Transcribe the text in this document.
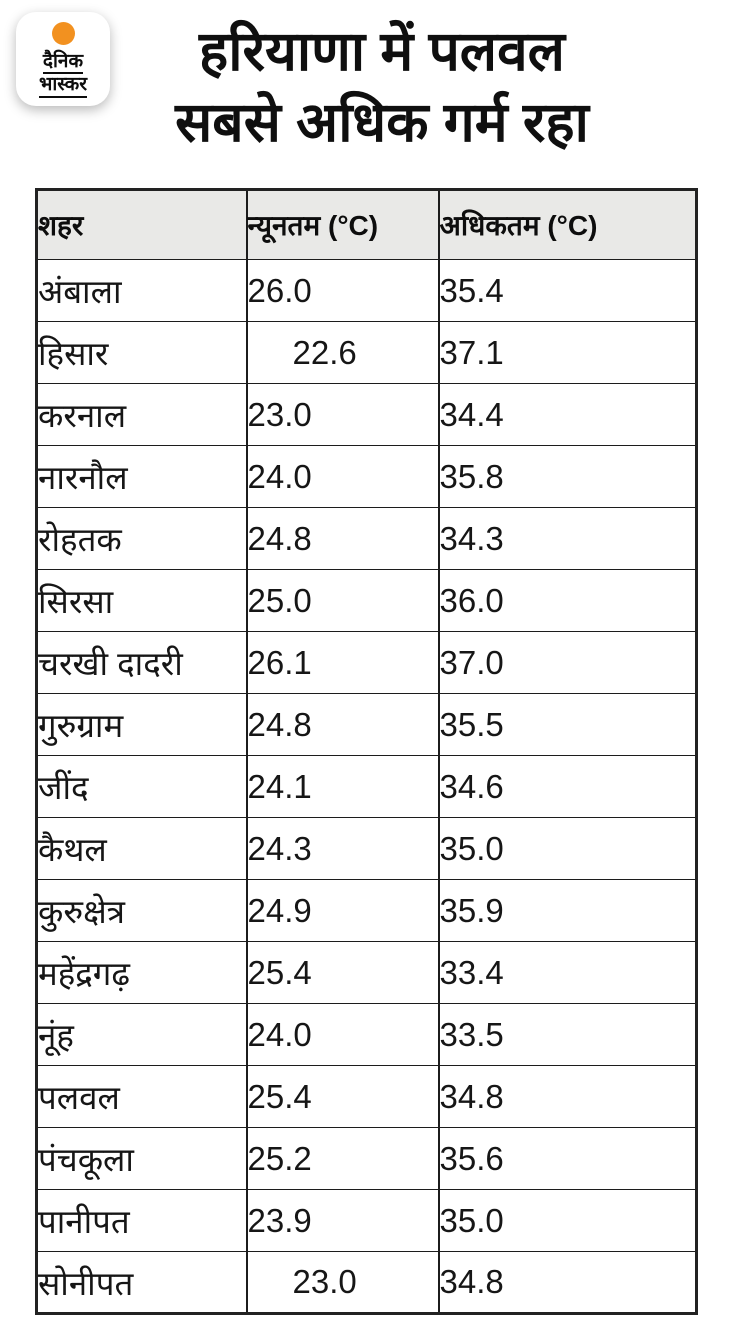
दैनिक
भास्कर
हरियाणा में पलवल
सबसे अधिक गर्म रहा
शहर	न्यूनतम (°C)	अधिकतम (°C)
अंबाला	26.0	35.4
हिसार	22.6	37.1
करनाल	23.0	34.4
नारनौल	24.0	35.8
रोहतक	24.8	34.3
सिरसा	25.0	36.0
चरखी दादरी	26.1	37.0
गुरुग्राम	24.8	35.5
जींद	24.1	34.6
कैथल	24.3	35.0
कुरुक्षेत्र	24.9	35.9
महेंद्रगढ़	25.4	33.4
नूंह	24.0	33.5
पलवल	25.4	34.8
पंचकूला	25.2	35.6
पानीपत	23.9	35.0
सोनीपत	23.0	34.8
